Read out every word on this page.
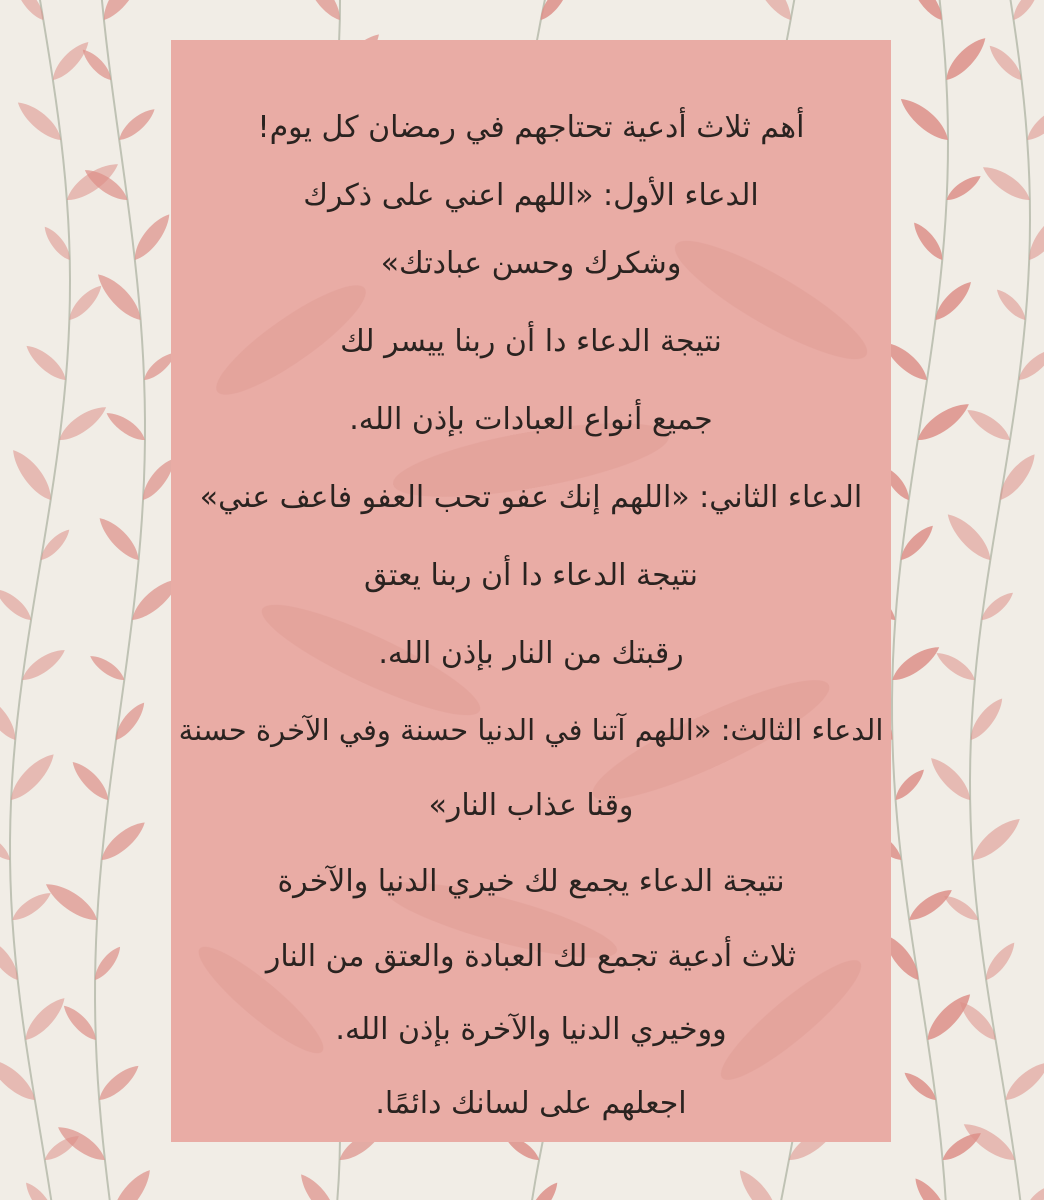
أهم ثلاث أدعية تحتاجهم في رمضان كل يوم!
الدعاء الأول: «اللهم اعني على ذكرك
وشكرك وحسن عبادتك»
نتيجة الدعاء دا أن ربنا ييسر لك
جميع أنواع العبادات بإذن الله.
الدعاء الثاني: «اللهم إنك عفو تحب العفو فاعف عني»
نتيجة الدعاء دا أن ربنا يعتق
رقبتك من النار بإذن الله.
الدعاء الثالث: «اللهم آتنا في الدنيا حسنة وفي الآخرة حسنة
وقنا عذاب النار»
نتيجة الدعاء يجمع لك خيري الدنيا والآخرة
ثلاث أدعية تجمع لك العبادة والعتق من النار
ووخيري الدنيا والآخرة بإذن الله.
اجعلهم على لسانك دائمًا.
